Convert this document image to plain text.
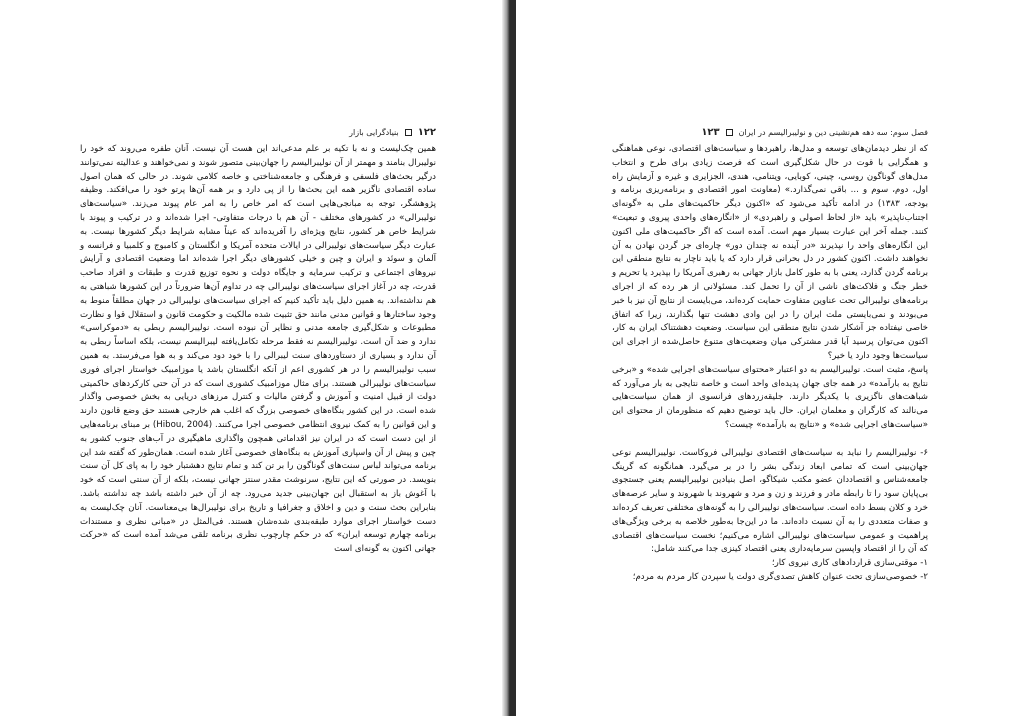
۱۲۲
بنیادگرایی بازار

همین چک‌لیست و نه با تکیه بر علم مدعی‌اند این هست آن نیست. آنان طفره می‌روند که خود را نولیبرال بنامند و مهمتر از آن نولیبرالیسم را جهان‌بینی متصور شوند و نمی‌خواهند و عدالیته نمی‌توانند درگیر بحث‌های فلسفی و فرهنگی و جامعه‌شناختی و خاصه کلامی شوند. در حالی که همان اصول ساده اقتصادی ناگزیر همه این بحث‌ها را از پی دارد و بر همه آن‌ها پرتو خود را می‌افکند. وظیفه پژوهشگر، توجه به مبانجی‌هایی است که امر خاص را به امر عام پیوند می‌زند. «سیاست‌های نولیبرالی» در کشورهای مختلف - آن هم با درجات متفاوتی- اجرا شده‌اند و در ترکیب و پیوند با شرایط خاص هر کشور، نتایج ویژه‌ای را آفریده‌اند که عیناً مشابه شرایط دیگر کشورها نیست. به عبارت دیگر سیاست‌های نولیبرالی در ایالات متحده آمریکا و انگلستان و کامبوج و کلمبیا و فرانسه و آلمان و سوئد و ایران و چین و خیلی کشورهای دیگر اجرا شده‌اند اما وضعیت اقتصادی و آرایش نیروهای اجتماعی و ترکیب سرمایه و جایگاه دولت و نحوه توزیع قدرت و طبقات و افراد صاحب قدرت، چه در آغاز اجرای سیاست‌های نولیبرالی چه در تداوم آن‌ها ضرورتاً در این کشورها شباهتی به هم نداشته‌اند. به همین دلیل باید تأکید کنیم که اجرای سیاست‌های نولیبرالی در جهان مطلقاً منوط به وجود ساختارها و قوانین مدنی مانند حق تثبیت شده مالکیت و حکومت قانون و استقلال قوا و نظارت مطبوعات و شکل‌گیری جامعه مدنی و نظایر آن نبوده است. نولیبرالیسم ربطی به «دموکراسی» ندارد و ضد آن است. نولیبرالیسم نه فقط مرحله تکامل‌یافته لیبرالیسم نیست، بلکه اساساً ربطی به آن ندارد و بسیاری از دستاوردهای سنت لیبرالی را با خود دود می‌کند و به هوا می‌فرستد. به همین سبب نولیبرالیسم را در هر کشوری اعم از آنکه انگلستان باشد یا موزامبیک خواستار اجرای فوری سیاست‌های نولیبرالی هستند. برای مثال موزامبیک کشوری است که در آن حتی کارکردهای حاکمیتی دولت از قبیل امنیت و آموزش و گرفتن مالیات و کنترل مرزهای دریایی به بخش خصوصی واگذار شده است. در این کشور بنگاه‌های خصوصی بزرگ که اغلب هم خارجی هستند حق وضع قانون دارند و این قوانین را به کمک نیروی انتظامی خصوصی اجرا می‌کنند. (Hibou, 2004) بر مبنای برنامه‌هایی از این دست است که در ایران نیز اقداماتی همچون واگذاری ماهیگیری در آب‌های جنوب کشور به چین و پیش از آن واسپاری آموزش به بنگاه‌های خصوصی آغاز شده است. همان‌طور که گفته شد این برنامه می‌تواند لباس سنت‌های گوناگون را بر تن کند و تمام نتایج دهشتبار خود را به پای کل آن سنت بنویسد. در صورتی که این نتایج، سرنوشت مقدر سنتز جهانی نیست، بلکه از آن سنتی است که خود با آغوش باز به استقبال این جهان‌بینی جدید می‌رود. چه از آن خبر داشته باشد چه نداشته باشد. بنابراین بحث سنت و دین و اخلاق و جغرافیا و تاریخ برای نولیبرال‌ها بی‌معناست. آنان چک‌لیست به دست خواستار اجرای موارد طبقه‌بندی شده‌شان هستند. فی‌المثل در «مبانی نظری و مستندات برنامه چهارم توسعه ایران» که در حکم چارچوب نظری برنامه تلقی می‌شد آمده است که «حرکت جهانی اکنون به گونه‌ای است

فصل سوم: سه دهه هم‌نشینی دین و نولیبرالیسم در ایران
۱۲۳

که از نظر دیدمان‌های توسعه و مدل‌ها، راهبردها و سیاست‌های اقتصادی، نوعی هماهنگی و همگرایی با قوت در حال شکل‌گیری است که فرصت زیادی برای طرح و انتخاب مدل‌های گوناگون روسی، چینی، کوبایی، ویتنامی، هندی، الجزایری و غیره و آزمایش راه اول، دوم، سوم و ... باقی نمی‌گذارد.» (معاونت امور اقتصادی و برنامه‌ریزی برنامه و بودجه، ۱۳۸۳) در ادامه تأکید می‌شود که «اکنون دیگر حاکمیت‌های ملی به «گونه‌ای اجتناب‌ناپذیر» باید «از لحاظ اصولی و راهبردی» از «انگاره‌های واحدی پیروی و تبعیت» کنند. جمله آخر این عبارت بسیار مهم است. آمده است که اگر حاکمیت‌های ملی اکنون این انگاره‌های واحد را نپذیرند «در آینده نه چندان دور» چاره‌ای جز گردن نهادن به آن نخواهند داشت. اکنون کشور در دل بحرانی قرار دارد که یا باید ناچار به نتایج منطقی این برنامه گردن گذارد، یعنی با به طور کامل بازار جهانی به رهبری آمریکا را بپذیرد یا تحریم و خطر جنگ و فلاکت‌های ناشی از آن را تحمل کند. مسئولانی از هر رده که از اجرای برنامه‌های نولیبرالی تحت عناوین متفاوت حمایت کرده‌اند، می‌بایست از نتایج آن نیز با خبر می‌بودند و نمی‌بایستی ملت ایران را در این وادی دهشت تنها بگذارند، زیرا که اتفاق خاصی نیفتاده جز آشکار شدن نتایج منطقی این سیاست. وضعیت دهشتناک ایران به کار، اکنون می‌توان پرسید آیا قدر مشترکی میان وضعیت‌های متنوع حاصل‌شده از اجرای این سیاست‌ها وجود دارد یا خیر؟

پاسخ، مثبت است. نولیبرالیسم به دو اعتبار «محتوای سیاست‌های اجرایی شده» و «برخی نتایج به بارآمده» در همه جای جهان پدیده‌ای واحد است و خاصه نتایجی به بار می‌آورد که شباهت‌های ناگزیری با یکدیگر دارند. جلیقه‌زردهای فرانسوی از همان سیاست‌هایی می‌نالند که کارگران و معلمان ایران. حال باید توضیح دهیم که منظورمان از محتوای این «سیاست‌های اجرایی شده» و «نتایج به بارآمده» چیست؟

۶- نولیبرالیسم را نباید به سیاست‌های اقتصادی نولیبرالی فروکاست. نولیبرالیسم نوعی جهان‌بینی است که تمامی ابعاد زندگی بشر را در بر می‌گیرد. همانگونه که گرینگ جامعه‌شناس و اقتصاددان عضو مکتب شیکاگو، اصل بنیادین نولیبرالیسم یعنی جستجوی بی‌پایان سود را تا رابطه مادر و فرزند و زن و مرد و شهروند با شهروند و سایر عرصه‌های خرد و کلان بسط داده است. سیاست‌های نولیبرالی را به گونه‌های مختلفی تعریف کرده‌اند و صفات متعددی را به آن نسبت داده‌اند. ما در این‌جا به‌طور خلاصه به برخی ویژگی‌های پراهمیت و عمومی سیاست‌های نولیبرالی اشاره می‌کنیم؛ نخست سیاست‌های اقتصادی که آن را از اقتصاد واپسین سرمایه‌داری یعنی اقتصاد کینزی جدا می‌کنند شامل:

۱- موقتی‌سازی قراردادهای کاری نیروی کار؛
۲- خصوصی‌سازی تحت عنوان کاهش تصدی‌گری دولت یا سپردن کار مردم به مردم؛
